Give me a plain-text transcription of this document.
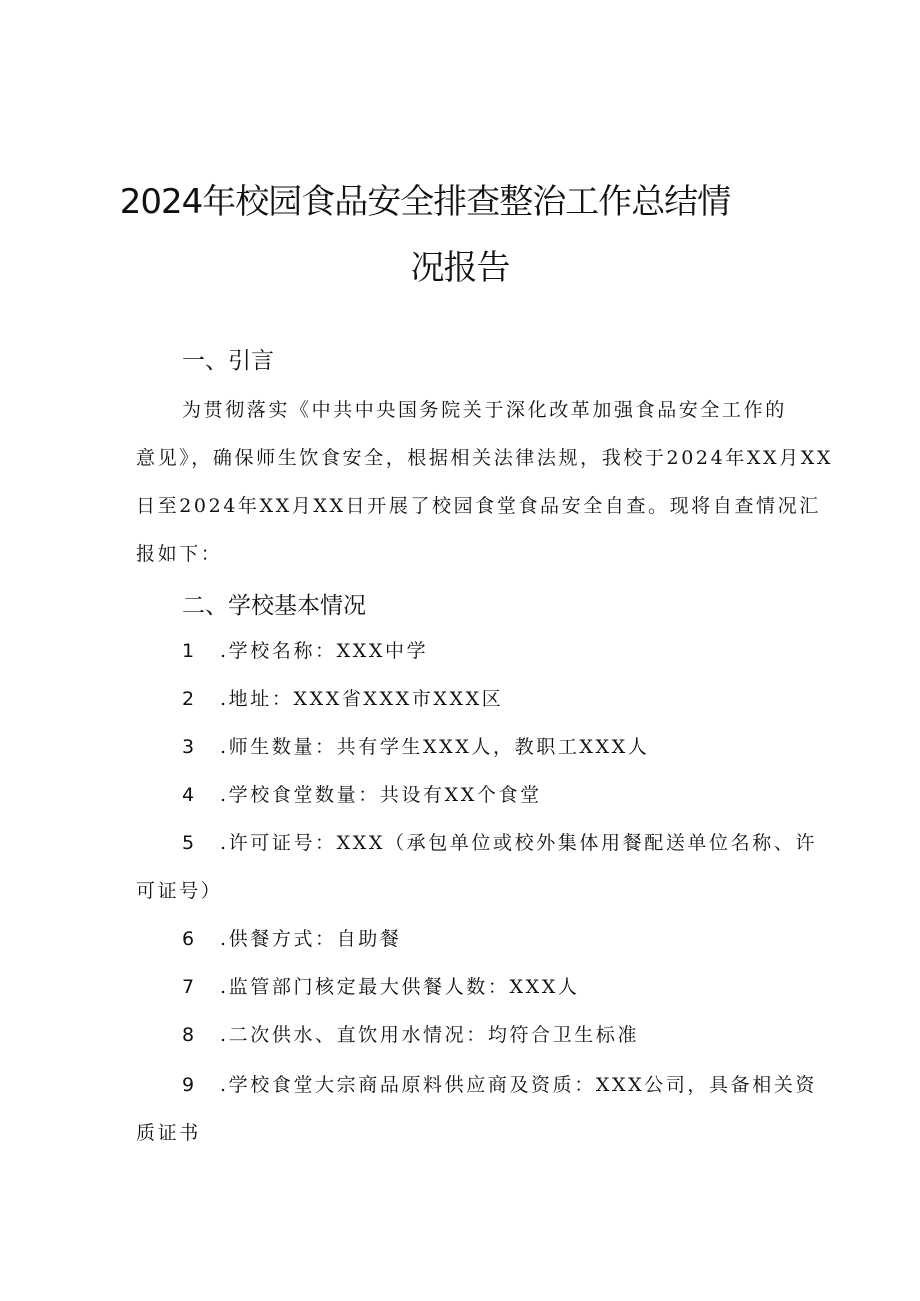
2024年校园食品安全排查整治工作总结情
况报告
一、引言
为贯彻落实《中共中央国务院关于深化改革加强食品安全工作的
意见》，确保师生饮食安全，根据相关法律法规，我校于2024年XX月XX
日至2024年XX月XX日开展了校园食堂食品安全自查。现将自查情况汇
报如下：
二、学校基本情况
1 .学校名称：XXX中学
2 .地址：XXX省XXX市XXX区
3 .师生数量：共有学生XXX人，教职工XXX人
4 .学校食堂数量：共设有XX个食堂
5 .许可证号：XXX（承包单位或校外集体用餐配送单位名称、许
可证号）
6 .供餐方式：自助餐
7 .监管部门核定最大供餐人数：XXX人
8 .二次供水、直饮用水情况：均符合卫生标准
9 .学校食堂大宗商品原料供应商及资质：XXX公司，具备相关资
质证书
